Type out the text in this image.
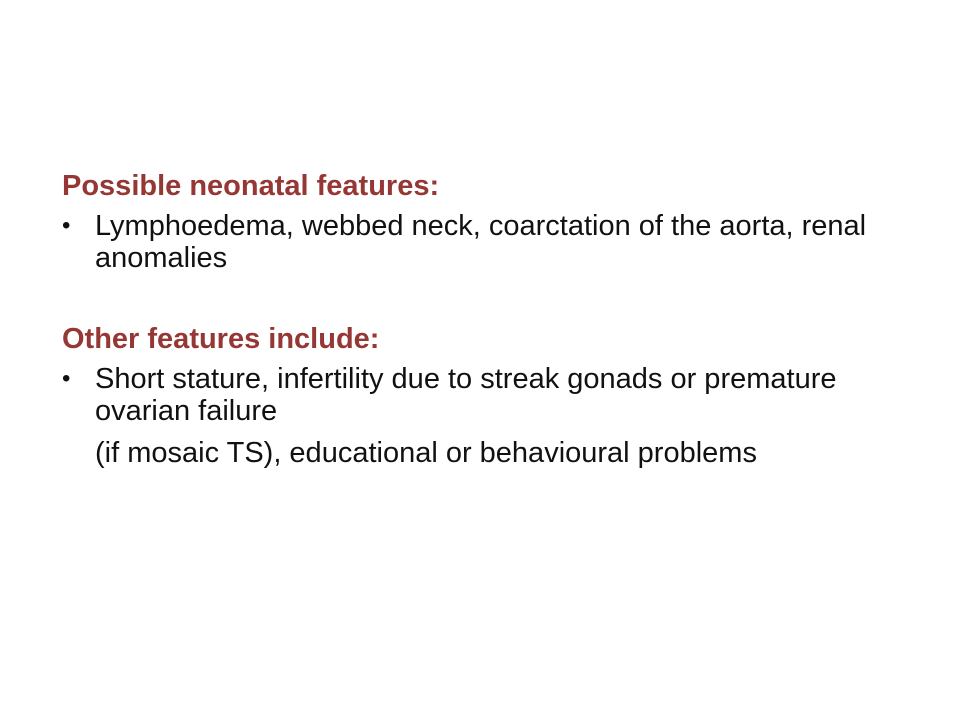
Possible neonatal features:

• Lymphoedema, webbed neck, coarctation of the aorta, renal anomalies

Other features include:

• Short stature, infertility due to streak gonads or premature ovarian failure
(if mosaic TS), educational or behavioural problems
